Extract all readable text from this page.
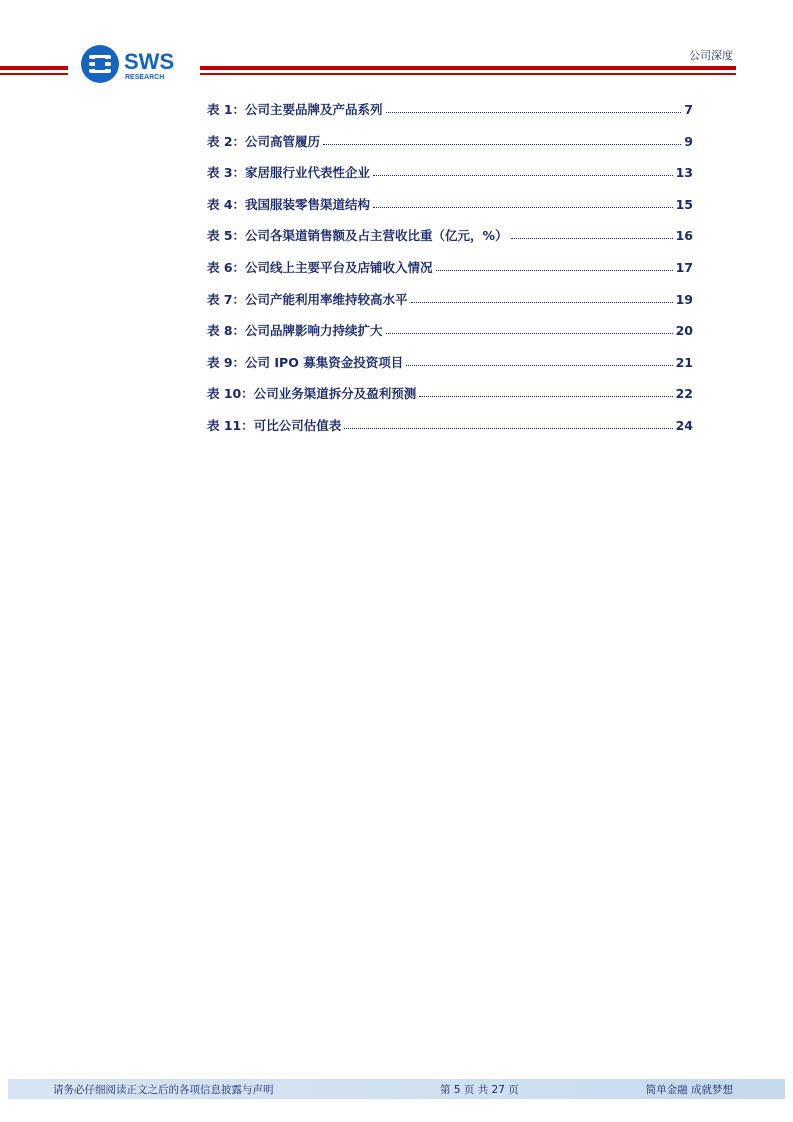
SWS
RESEARCH
公司深度
表 1：公司主要品牌及产品系列	7
表 2：公司高管履历	9
表 3：家居服行业代表性企业	13
表 4：我国服装零售渠道结构	15
表 5：公司各渠道销售额及占主营收比重（亿元，%）	16
表 6：公司线上主要平台及店铺收入情况	17
表 7：公司产能利用率维持较高水平	19
表 8：公司品牌影响力持续扩大	20
表 9：公司 IPO 募集资金投资项目	21
表 10：公司业务渠道拆分及盈利预测	22
表 11：可比公司估值表	24
请务必仔细阅读正文之后的各项信息披露与声明	第 5 页 共 27 页	简单金融 成就梦想
